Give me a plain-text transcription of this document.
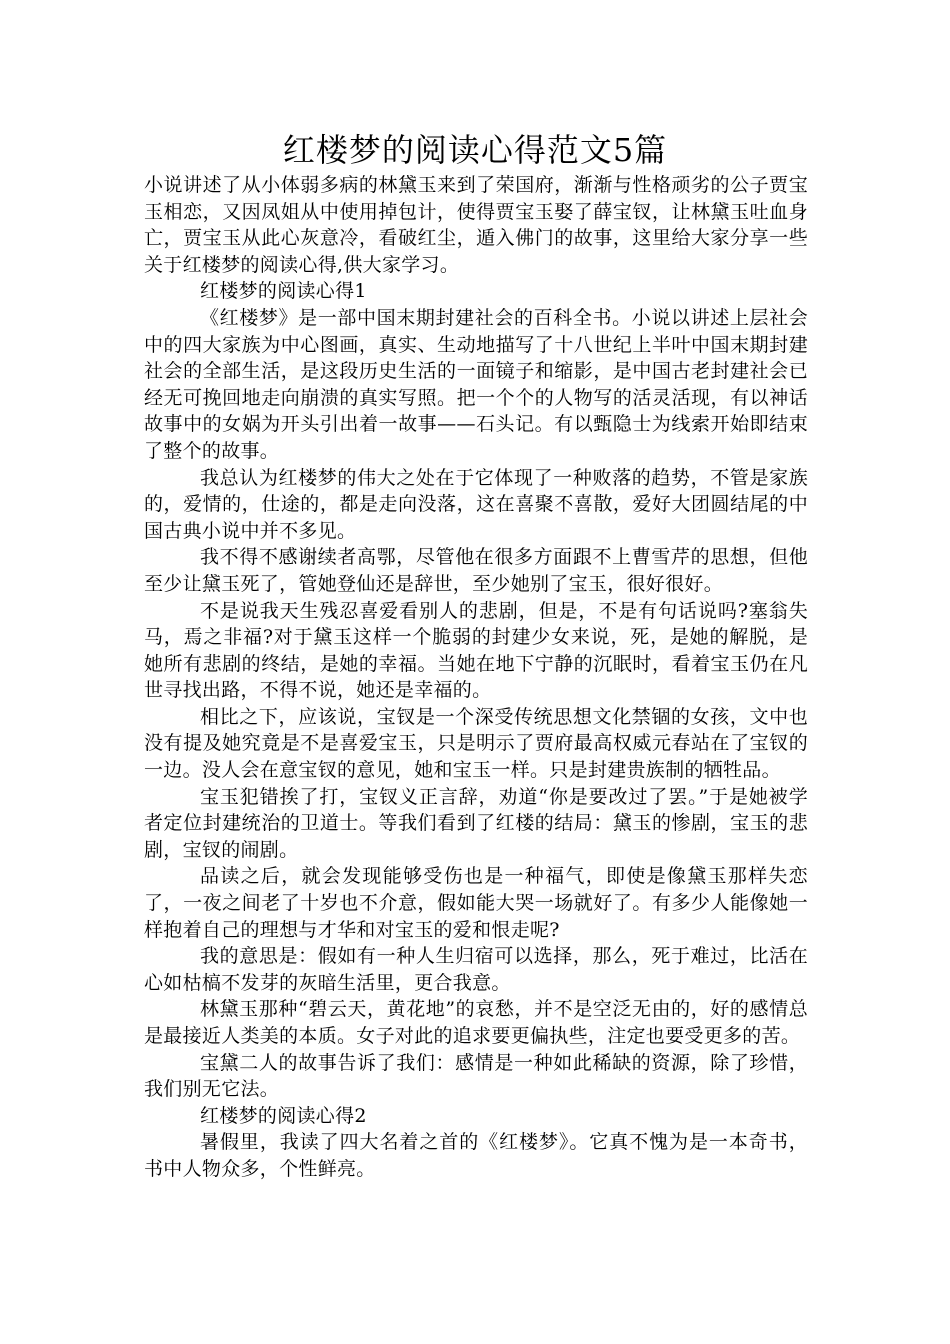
红楼梦的阅读心得范文5篇

小说讲述了从小体弱多病的林黛玉来到了荣国府，渐渐与性格顽劣的公子贾宝玉相恋，又因凤姐从中使用掉包计，使得贾宝玉娶了薛宝钗，让林黛玉吐血身亡，贾宝玉从此心灰意冷，看破红尘，遁入佛门的故事，这里给大家分享一些关于红楼梦的阅读心得,供大家学习。

红楼梦的阅读心得1

《红楼梦》是一部中国末期封建社会的百科全书。小说以讲述上层社会中的四大家族为中心图画，真实、生动地描写了十八世纪上半叶中国末期封建社会的全部生活，是这段历史生活的一面镜子和缩影，是中国古老封建社会已经无可挽回地走向崩溃的真实写照。把一个个的人物写的活灵活现，有以神话故事中的女娲为开头引出着一故事——石头记。有以甄隐士为线索开始即结束了整个的故事。

我总认为红楼梦的伟大之处在于它体现了一种败落的趋势，不管是家族的，爱情的，仕途的，都是走向没落，这在喜聚不喜散，爱好大团圆结尾的中国古典小说中并不多见。

我不得不感谢续者高鄂，尽管他在很多方面跟不上曹雪芹的思想，但他至少让黛玉死了，管她登仙还是辞世，至少她别了宝玉，很好很好。

不是说我天生残忍喜爱看别人的悲剧，但是，不是有句话说吗?塞翁失马，焉之非福?对于黛玉这样一个脆弱的封建少女来说，死，是她的解脱，是她所有悲剧的终结，是她的幸福。当她在地下宁静的沉眠时，看着宝玉仍在凡世寻找出路，不得不说，她还是幸福的。

相比之下，应该说，宝钗是一个深受传统思想文化禁锢的女孩，文中也没有提及她究竟是不是喜爱宝玉，只是明示了贾府最高权威元春站在了宝钗的一边。没人会在意宝钗的意见，她和宝玉一样。只是封建贵族制的牺牲品。

宝玉犯错挨了打，宝钗义正言辞，劝道“你是要改过了罢。”于是她被学者定位封建统治的卫道士。等我们看到了红楼的结局：黛玉的惨剧，宝玉的悲剧，宝钗的闹剧。

品读之后，就会发现能够受伤也是一种福气，即使是像黛玉那样失恋了，一夜之间老了十岁也不介意，假如能大哭一场就好了。有多少人能像她一样抱着自己的理想与才华和对宝玉的爱和恨走呢?

我的意思是：假如有一种人生归宿可以选择，那么，死于难过，比活在心如枯槁不发芽的灰暗生活里，更合我意。

林黛玉那种“碧云天，黄花地”的哀愁，并不是空泛无由的，好的感情总是最接近人类美的本质。女子对此的追求要更偏执些，注定也要受更多的苦。

宝黛二人的故事告诉了我们：感情是一种如此稀缺的资源，除了珍惜，我们别无它法。

红楼梦的阅读心得2

暑假里，我读了四大名着之首的《红楼梦》。它真不愧为是一本奇书，书中人物众多，个性鲜亮。
